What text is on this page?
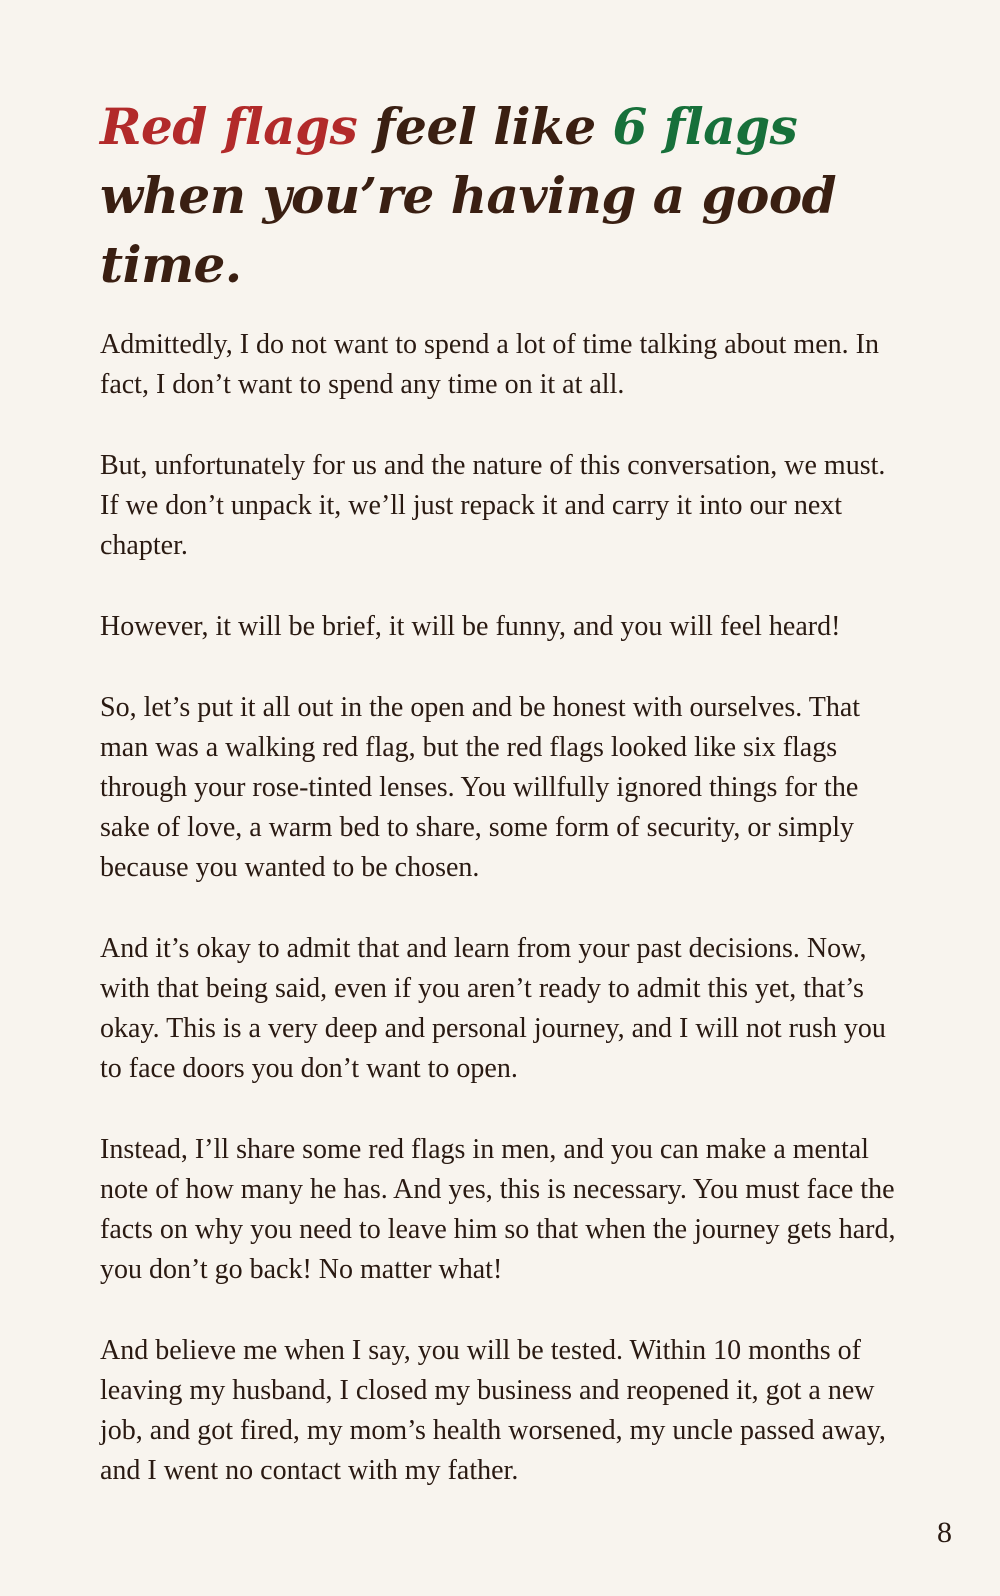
Red flags feel like 6 flags when you’re having a good time.

Admittedly, I do not want to spend a lot of time talking about men. In fact, I don’t want to spend any time on it at all.

But, unfortunately for us and the nature of this conversation, we must. If we don’t unpack it, we’ll just repack it and carry it into our next chapter.

However, it will be brief, it will be funny, and you will feel heard!

So, let’s put it all out in the open and be honest with ourselves. That man was a walking red flag, but the red flags looked like six flags through your rose-tinted lenses. You willfully ignored things for the sake of love, a warm bed to share, some form of security, or simply because you wanted to be chosen.

And it’s okay to admit that and learn from your past decisions. Now, with that being said, even if you aren’t ready to admit this yet, that’s okay. This is a very deep and personal journey, and I will not rush you to face doors you don’t want to open.

Instead, I’ll share some red flags in men, and you can make a mental note of how many he has. And yes, this is necessary. You must face the facts on why you need to leave him so that when the journey gets hard, you don’t go back! No matter what!

And believe me when I say, you will be tested. Within 10 months of leaving my husband, I closed my business and reopened it, got a new job, and got fired, my mom’s health worsened, my uncle passed away, and I went no contact with my father.

8
